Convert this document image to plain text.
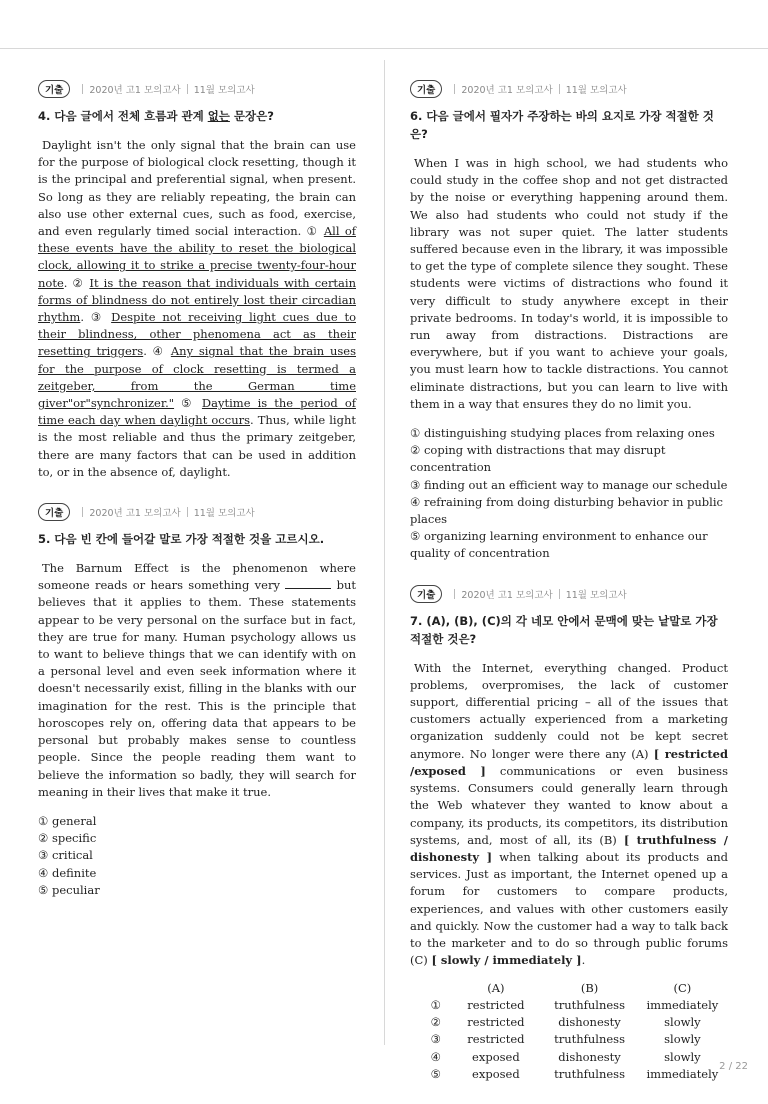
기출	2020년 고1 모의고사 11월 모의고사
4. 다음 글에서 전체 흐름과 관계 없는 문장은?

Daylight isn't the only signal that the brain can use for the purpose of biological clock resetting, though it is the principal and preferential signal, when present. So long as they are reliably repeating, the brain can also use other external cues, such as food, exercise, and even regularly timed social interaction. ① All of these events have the ability to reset the biological clock, allowing it to strike a precise twenty-four-hour note. ② It is the reason that individuals with certain forms of blindness do not entirely lost their circadian rhythm. ③ Despite not receiving light cues due to their blindness, other phenomena act as their resetting triggers. ④ Any signal that the brain uses for the purpose of clock resetting is termed a zeitgeber, from the German time giver"or"synchronizer." ⑤ Daytime is the period of time each day when daylight occurs. Thus, while light is the most reliable and thus the primary zeitgeber, there are many factors that can be used in addition to, or in the absence of, daylight.

기출	2020년 고1 모의고사 11월 모의고사
5. 다음 빈 칸에 들어갈 말로 가장 적절한 것을 고르시오.

The Barnum Effect is the phenomenon where someone reads or hears something very	but believes that it applies to them. These statements appear to be very personal on the surface but in fact, they are true for many. Human psychology allows us to want to believe things that we can identify with on a personal level and even seek information where it doesn't necessarily exist, filling in the blanks with our imagination for the rest. This is the principle that horoscopes rely on, offering data that appears to be personal but probably makes sense to countless people. Since the people reading them want to believe the information so badly, they will search for meaning in their lives that make it true.

① general
② specific
③ critical
④ definite
⑤ peculiar
기출	2020년 고1 모의고사 11월 모의고사
6. 다음 글에서 필자가 주장하는 바의 요지로 가장 적절한 것은?

When I was in high school, we had students who could study in the coffee shop and not get distracted by the noise or everything happening around them. We also had students who could not study if the library was not super quiet. The latter students suffered because even in the library, it was impossible to get the type of complete silence they sought. These students were victims of distractions who found it very difficult to study anywhere except in their private bedrooms. In today's world, it is impossible to run away from distractions. Distractions are everywhere, but if you want to achieve your goals, you must learn how to tackle distractions. You cannot eliminate distractions, but you can learn to live with them in a way that ensures they do no limit you.

① distinguishing studying places from relaxing ones
② coping with distractions that may disrupt concentration
③ finding out an efficient way to manage our schedule
④ refraining from doing disturbing behavior in public places
⑤ organizing learning environment to enhance our quality of concentration
기출	2020년 고1 모의고사 11월 모의고사
7. (A), (B), (C)의 각 네모 안에서 문맥에 맞는 낱말로 가장 적절한 것은?

With the Internet, everything changed. Product problems, overpromises, the lack of customer support, differential pricing – all of the issues that customers actually experienced from a marketing organization suddenly could not be kept secret anymore. No longer were there any (A) [ restricted /exposed ] communications or even business systems. Consumers could generally learn through the Web whatever they wanted to know about a company, its products, its competitors, its distribution systems, and, most of all, its (B) [ truthfulness / dishonesty ] when talking about its products and services. Just as important, the Internet opened up a forum for customers to compare products, experiences, and values with other customers easily and quickly. Now the customer had a way to talk back to the marketer and to do so through public forums (C) [ slowly / immediately ].

	(A)	(B)	(C)
①	restricted	truthfulness	immediately
②	restricted	dishonesty	slowly
③	restricted	truthfulness	slowly
④	exposed	dishonesty	slowly
⑤	exposed	truthfulness	immediately
2 / 22
